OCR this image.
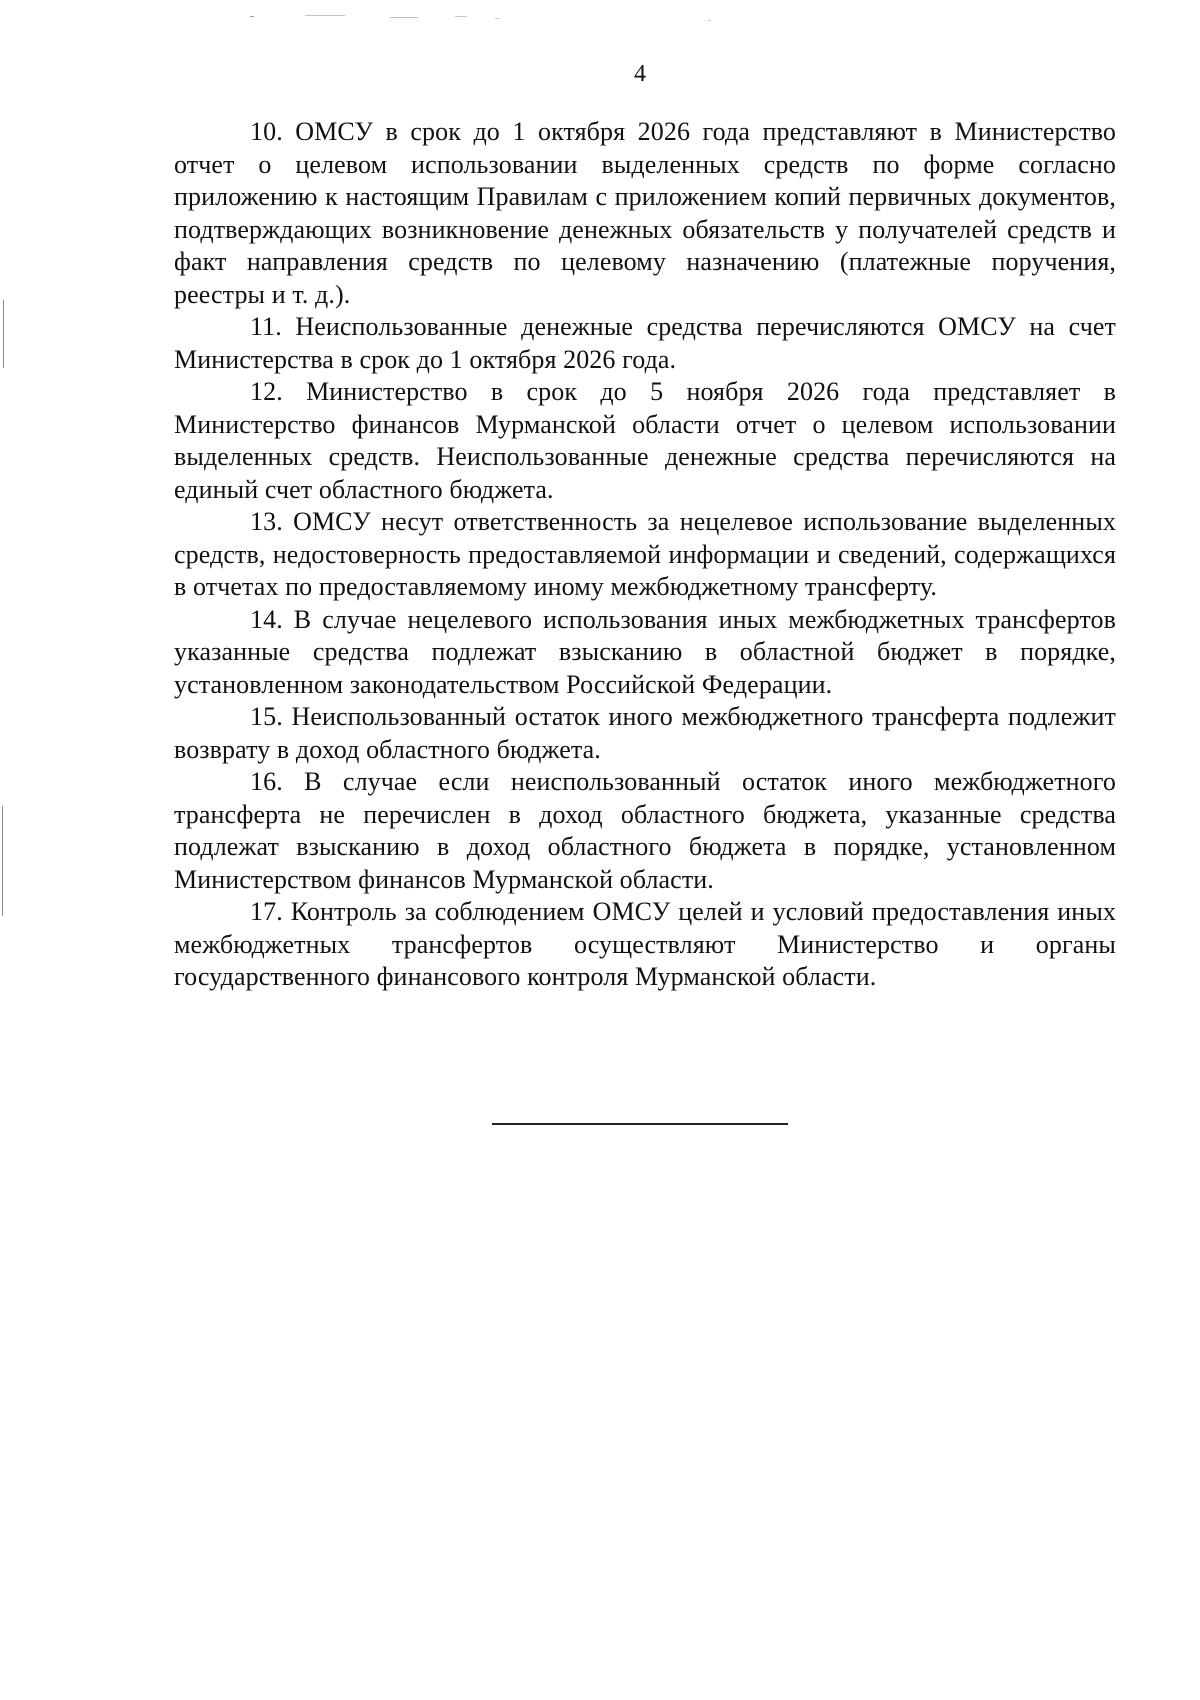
4

10. ОМСУ в срок до 1 октября 2026 года представляют в Министерство отчет о целевом использовании выделенных средств по форме согласно приложению к настоящим Правилам с приложением копий первичных документов, подтверждающих возникновение денежных обязательств у получателей средств и факт направления средств по целевому назначению (платежные поручения, реестры и т. д.).

11. Неиспользованные денежные средства перечисляются ОМСУ на счет Министерства в срок до 1 октября 2026 года.

12. Министерство в срок до 5 ноября 2026 года представляет в Министерство финансов Мурманской области отчет о целевом использовании выделенных средств. Неиспользованные денежные средства перечисляются на единый счет областного бюджета.

13. ОМСУ несут ответственность за нецелевое использование выделенных средств, недостоверность предоставляемой информации и сведений, содержащихся в отчетах по предоставляемому иному межбюджетному трансферту.

14. В случае нецелевого использования иных межбюджетных трансфертов указанные средства подлежат взысканию в областной бюджет в порядке, установленном законодательством Российской Федерации.

15. Неиспользованный остаток иного межбюджетного трансферта подлежит возврату в доход областного бюджета.

16. В случае если неиспользованный остаток иного межбюджетного трансферта не перечислен в доход областного бюджета, указанные средства подлежат взысканию в доход областного бюджета в порядке, установленном Министерством финансов Мурманской области.

17. Контроль за соблюдением ОМСУ целей и условий предоставления иных межбюджетных трансфертов осуществляют Министерство и органы государственного финансового контроля Мурманской области.
